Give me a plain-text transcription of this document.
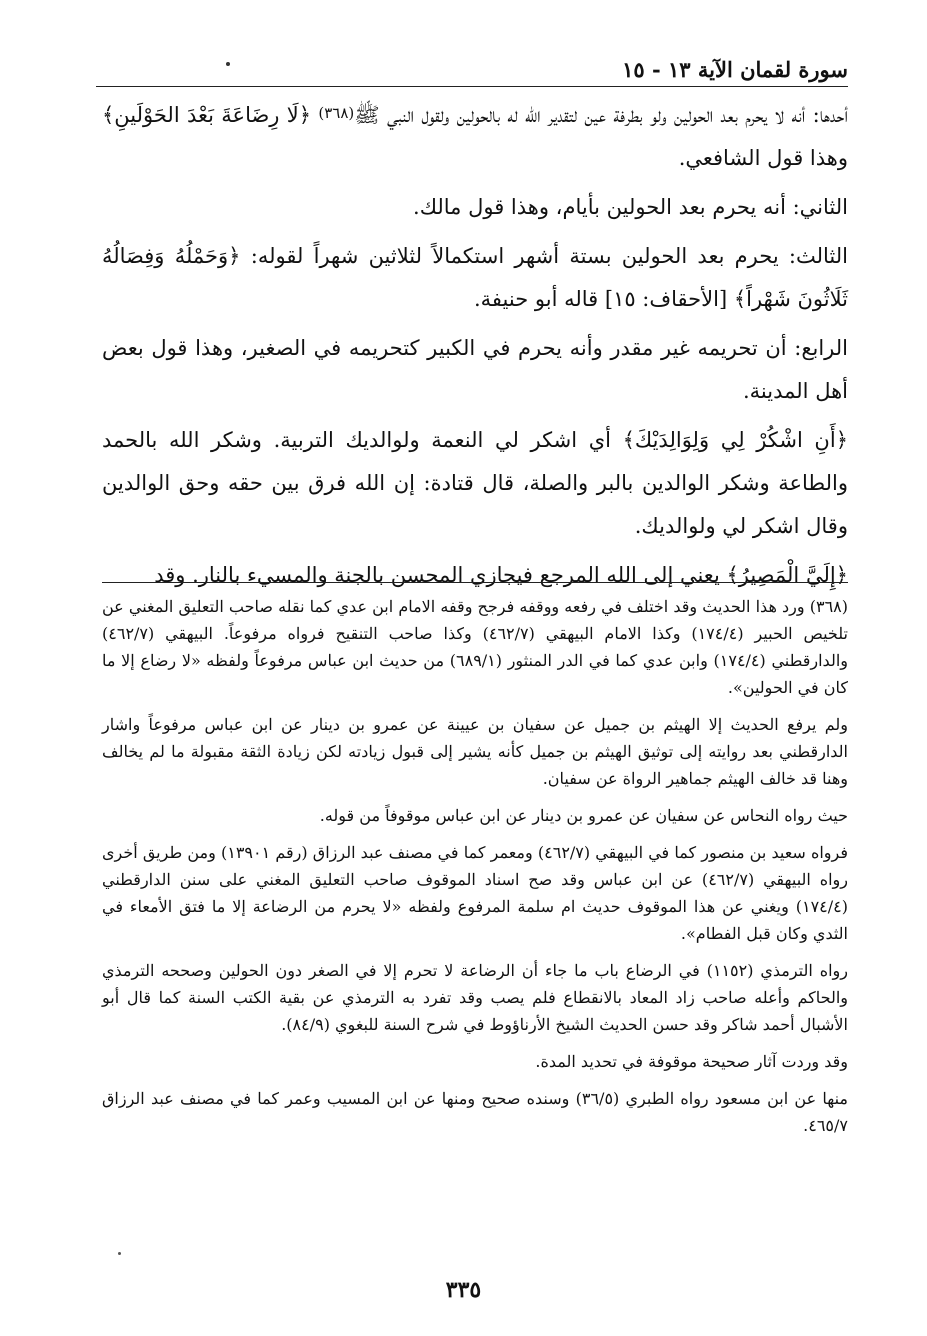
سورة لقمان الآية ١٣ - ١٥

أحدها: أنه لا يحرم بعد الحولين ولو بطرفة عين لتقدير الله له بالحولين ولقول النبي ﷺ(٣٦٨) ﴿لَا رِضَاعَةَ بَعْدَ الحَوْلَينِ﴾ وهذا قول الشافعي.

الثاني: أنه يحرم بعد الحولين بأيام، وهذا قول مالك.

الثالث: يحرم بعد الحولين بستة أشهر استكمالاً لثلاثين شهراً لقوله: ﴿وَحَمْلُهُ وَفِصَالُهُ ثَلَاثُونَ شَهْراً﴾ [الأحقاف: ١٥] قاله أبو حنيفة.

الرابع: أن تحريمه غير مقدر وأنه يحرم في الكبير كتحريمه في الصغير، وهذا قول بعض أهل المدينة.

﴿أَنِ اشْكُرْ لِي وَلِوَالِدَيْكَ﴾ أي اشكر لي النعمة ولوالديك التربية. وشكر الله بالحمد والطاعة وشكر الوالدين بالبر والصلة، قال قتادة: إن الله فرق بين حقه وحق الوالدين وقال اشكر لي ولوالديك.

﴿إِلَيَّ الْمَصِيرُ﴾ يعني إلى الله المرجع فيجازي المحسن بالجنة والمسيء بالنار. وقد

(٣٦٨) ورد هذا الحديث وقد اختلف في رفعه ووقفه فرجح وقفه الامام ابن عدي كما نقله صاحب التعليق المغني عن تلخيص الحبير (١٧٤/٤) وكذا الامام البيهقي (٤٦٢/٧) وكذا صاحب التنقيح فرواه مرفوعاً. البيهقي (٤٦٢/٧) والدارقطني (١٧٤/٤) وابن عدي كما في الدر المنثور (٦٨٩/١) من حديث ابن عباس مرفوعاً ولفظه «لا رضاع إلا ما كان في الحولين».

ولم يرفع الحديث إلا الهيثم بن جميل عن سفيان بن عيينة عن عمرو بن دينار عن ابن عباس مرفوعاً واشار الدارقطني بعد روايته إلى توثيق الهيثم بن جميل كأنه يشير إلى قبول زيادته لكن زيادة الثقة مقبولة ما لم يخالف وهنا قد خالف الهيثم جماهير الرواة عن سفيان.

حيث رواه النحاس عن سفيان عن عمرو بن دينار عن ابن عباس موقوفاً من قوله.

فرواه سعيد بن منصور كما في البيهقي (٤٦٢/٧) ومعمر كما في مصنف عبد الرزاق (رقم ١٣٩٠١) ومن طريق أخرى رواه البيهقي (٤٦٢/٧) عن ابن عباس وقد صح اسناد الموقوف صاحب التعليق المغني على سنن الدارقطني (١٧٤/٤) ويغني عن هذا الموقوف حديث ام سلمة المرفوع ولفظه «لا يحرم من الرضاعة إلا ما فتق الأمعاء في الثدي وكان قبل الفطام».

رواه الترمذي (١١٥٢) في الرضاع باب ما جاء أن الرضاعة لا تحرم إلا في الصغر دون الحولين وصححه الترمذي والحاكم وأعله صاحب زاد المعاد بالانقطاع فلم يصب وقد تفرد به الترمذي عن بقية الكتب السنة كما قال أبو الأشبال أحمد شاكر وقد حسن الحديث الشيخ الأرناؤوط في شرح السنة للبغوي (٨٤/٩).

وقد وردت آثار صحيحة موقوفة في تحديد المدة.

منها عن ابن مسعود رواه الطبري (٣٦/٥) وسنده صحيح ومنها عن ابن المسيب وعمر كما في مصنف عبد الرزاق ٤٦٥/٧.

٣٣٥
